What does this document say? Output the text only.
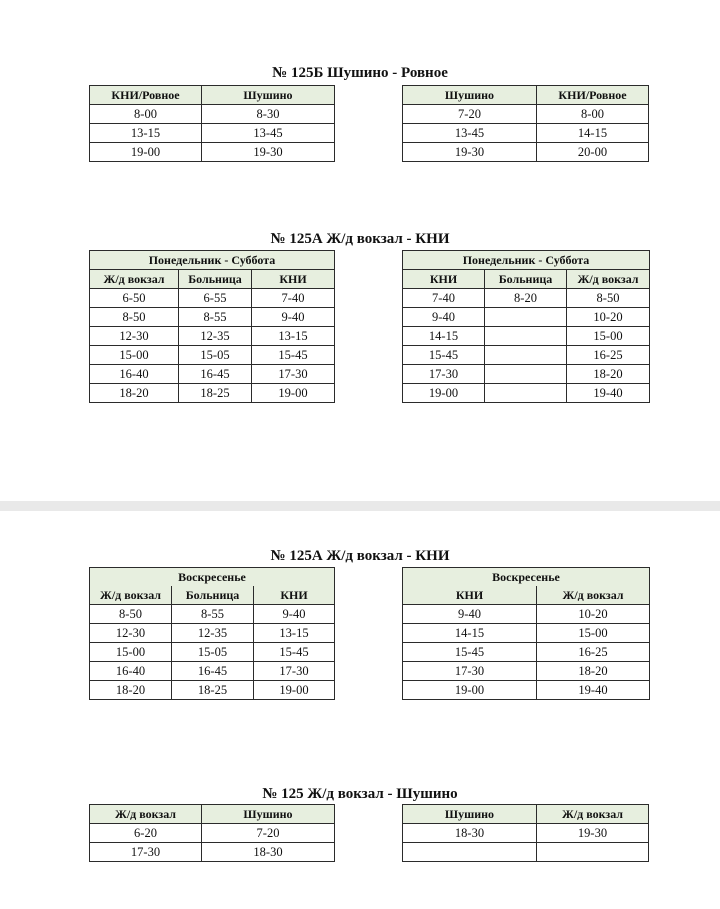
№ 125Б Шушино - Ровное
КНИ/Ровное	Шушино
8-00	8-30
13-15	13-45
19-00	19-30
Шушино	КНИ/Ровное
7-20	8-00
13-45	14-15
19-30	20-00
№ 125А Ж/д вокзал - КНИ
Понедельник - Суббота		
Ж/д вокзал	Больница	КНИ
6-50	6-55	7-40
8-50	8-55	9-40
12-30	12-35	13-15
15-00	15-05	15-45
16-40	16-45	17-30
18-20	18-25	19-00
Понедельник - Суббота		
КНИ	Больница	Ж/д вокзал
7-40	8-20	8-50
9-40		10-20
14-15		15-00
15-45		16-25
17-30		18-20
19-00		19-40
№ 125А Ж/д вокзал - КНИ
Воскресенье		
Ж/д вокзал	Больница	КНИ
8-50	8-55	9-40
12-30	12-35	13-15
15-00	15-05	15-45
16-40	16-45	17-30
18-20	18-25	19-00
Воскресенье	
КНИ	Ж/д вокзал
9-40	10-20
14-15	15-00
15-45	16-25
17-30	18-20
19-00	19-40
№ 125 Ж/д вокзал - Шушино
Ж/д вокзал	Шушино
6-20	7-20
17-30	18-30
Шушино	Ж/д вокзал
18-30	19-30
